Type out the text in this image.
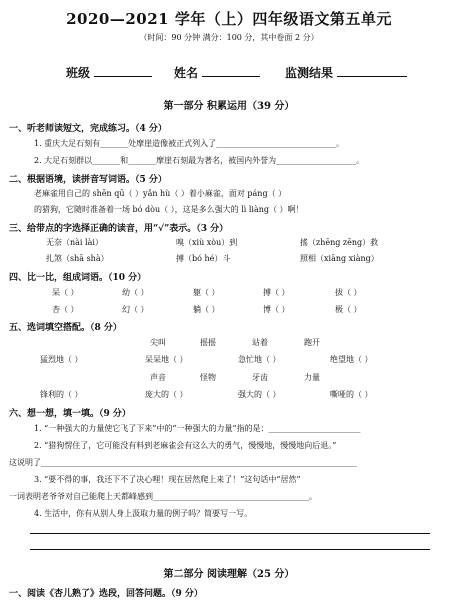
2020—2021 学年（上）四年级语文第五单元
（时间：90 分钟 满分：100 分，其中卷面 2 分）
班级	姓名	监测结果
第一部分 积累运用（39 分）
一、听老师读短文，完成练习。（4 分）
1. 重庆大足石刻有_______处摩崖造像被正式列入了______________________________。
2. 大足石刻群以_______和_______摩崖石刻最为著名，被国内外誉为____________________。
二、根据语境，读拼音写词语。（5 分）
老麻雀用自己的 shēn qū（ ）yǎn hù（ ）着小麻雀，面对 páng（ ）
的猎狗，它随时准备着一场 bó dòu（ ），这是多么强大的 lì liàng（ ）啊！
三、给带点的字选择正确的读音，用“√”表示。（3 分）
无奈（nài lài）	嗅（xiù xòu）到	搖（zhēng zēng）救
扎煞（shā shà）	搏（bó hé）斗	照相（xiāng xiàng）
四、比一比，组成词语。（10 分）
呆（ ）	幼（ ）	躯（ ）	搏（ ）	拔（ ）
杏（ ）	幻（ ）	躺（ ）	博（ ）	极（ ）
五、选词填空搭配。（8 分）
尖叫	摇摇	站着	跑开
猛烈地（ ）	呆呆地（ ）	急忙地（ ）	绝望地（ ）
声音	怪物	牙齿	力量
锋利的（ ）	庞大的（ ）	强大的（ ）	嘶哑的（ ）
六、想一想，填一填。（9 分）
1. “一种强大的力量使它飞了下来”中的“一种强大的力量”指的是：_______________________
2. “猎狗愣住了，它可能没有料到老麻雀会有这么大的勇气，慢慢地，慢慢地向后退。”
这说明了_______________________________________________________________________________
3. “要不得的事，我还下不了决心哩！现在居然爬上来了！”这句话中“居然”
一词表明老爷爷对自己能爬上天都峰感到_______________________________________。
4. 生活中，你有从别人身上汲取力量的例子吗？简要写一写。
第二部分 阅读理解（25 分）
一、阅读《杏儿熟了》选段，回答问题。（9 分）
